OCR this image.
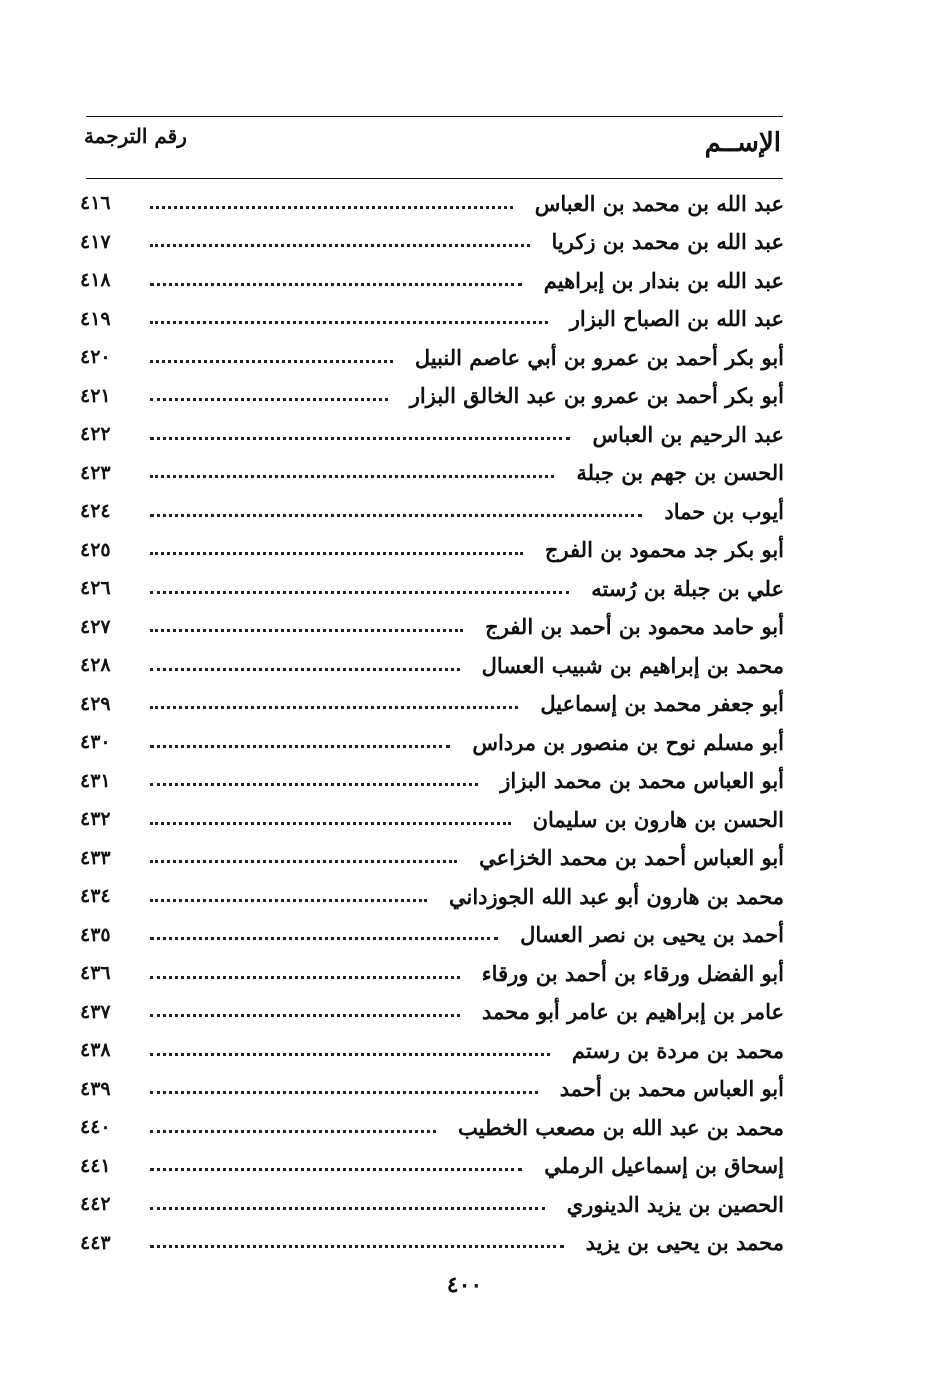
الإســم
رقم الترجمة
عبد الله بن محمد بن العباس
٤١٦
عبد الله بن محمد بن زكريا
٤١٧
عبد الله بن بندار بن إبراهيم
٤١٨
عبد الله بن الصباح البزار
٤١٩
أبو بكر أحمد بن عمرو بن أبي عاصم النبيل
٤٢٠
أبو بكر أحمد بن عمرو بن عبد الخالق البزار
٤٢١
عبد الرحيم بن العباس
٤٢٢
الحسن بن جهم بن جبلة
٤٢٣
أيوب بن حماد
٤٢٤
أبو بكر جد محمود بن الفرج
٤٢٥
علي بن جبلة بن رُسته
٤٢٦
أبو حامد محمود بن أحمد بن الفرج
٤٢٧
محمد بن إبراهيم بن شبيب العسال
٤٢٨
أبو جعفر محمد بن إسماعيل
٤٢٩
أبو مسلم نوح بن منصور بن مرداس
٤٣٠
أبو العباس محمد بن محمد البزاز
٤٣١
الحسن بن هارون بن سليمان
٤٣٢
أبو العباس أحمد بن محمد الخزاعي
٤٣٣
محمد بن هارون أبو عبد الله الجوزداني
٤٣٤
أحمد بن يحيى بن نصر العسال
٤٣٥
أبو الفضل ورقاء بن أحمد بن ورقاء
٤٣٦
عامر بن إبراهيم بن عامر أبو محمد
٤٣٧
محمد بن مردة بن رستم
٤٣٨
أبو العباس محمد بن أحمد
٤٣٩
محمد بن عبد الله بن مصعب الخطيب
٤٤٠
إسحاق بن إسماعيل الرملي
٤٤١
الحصين بن يزيد الدينوري
٤٤٢
محمد بن يحيى بن يزيد
٤٤٣
٤٠٠
